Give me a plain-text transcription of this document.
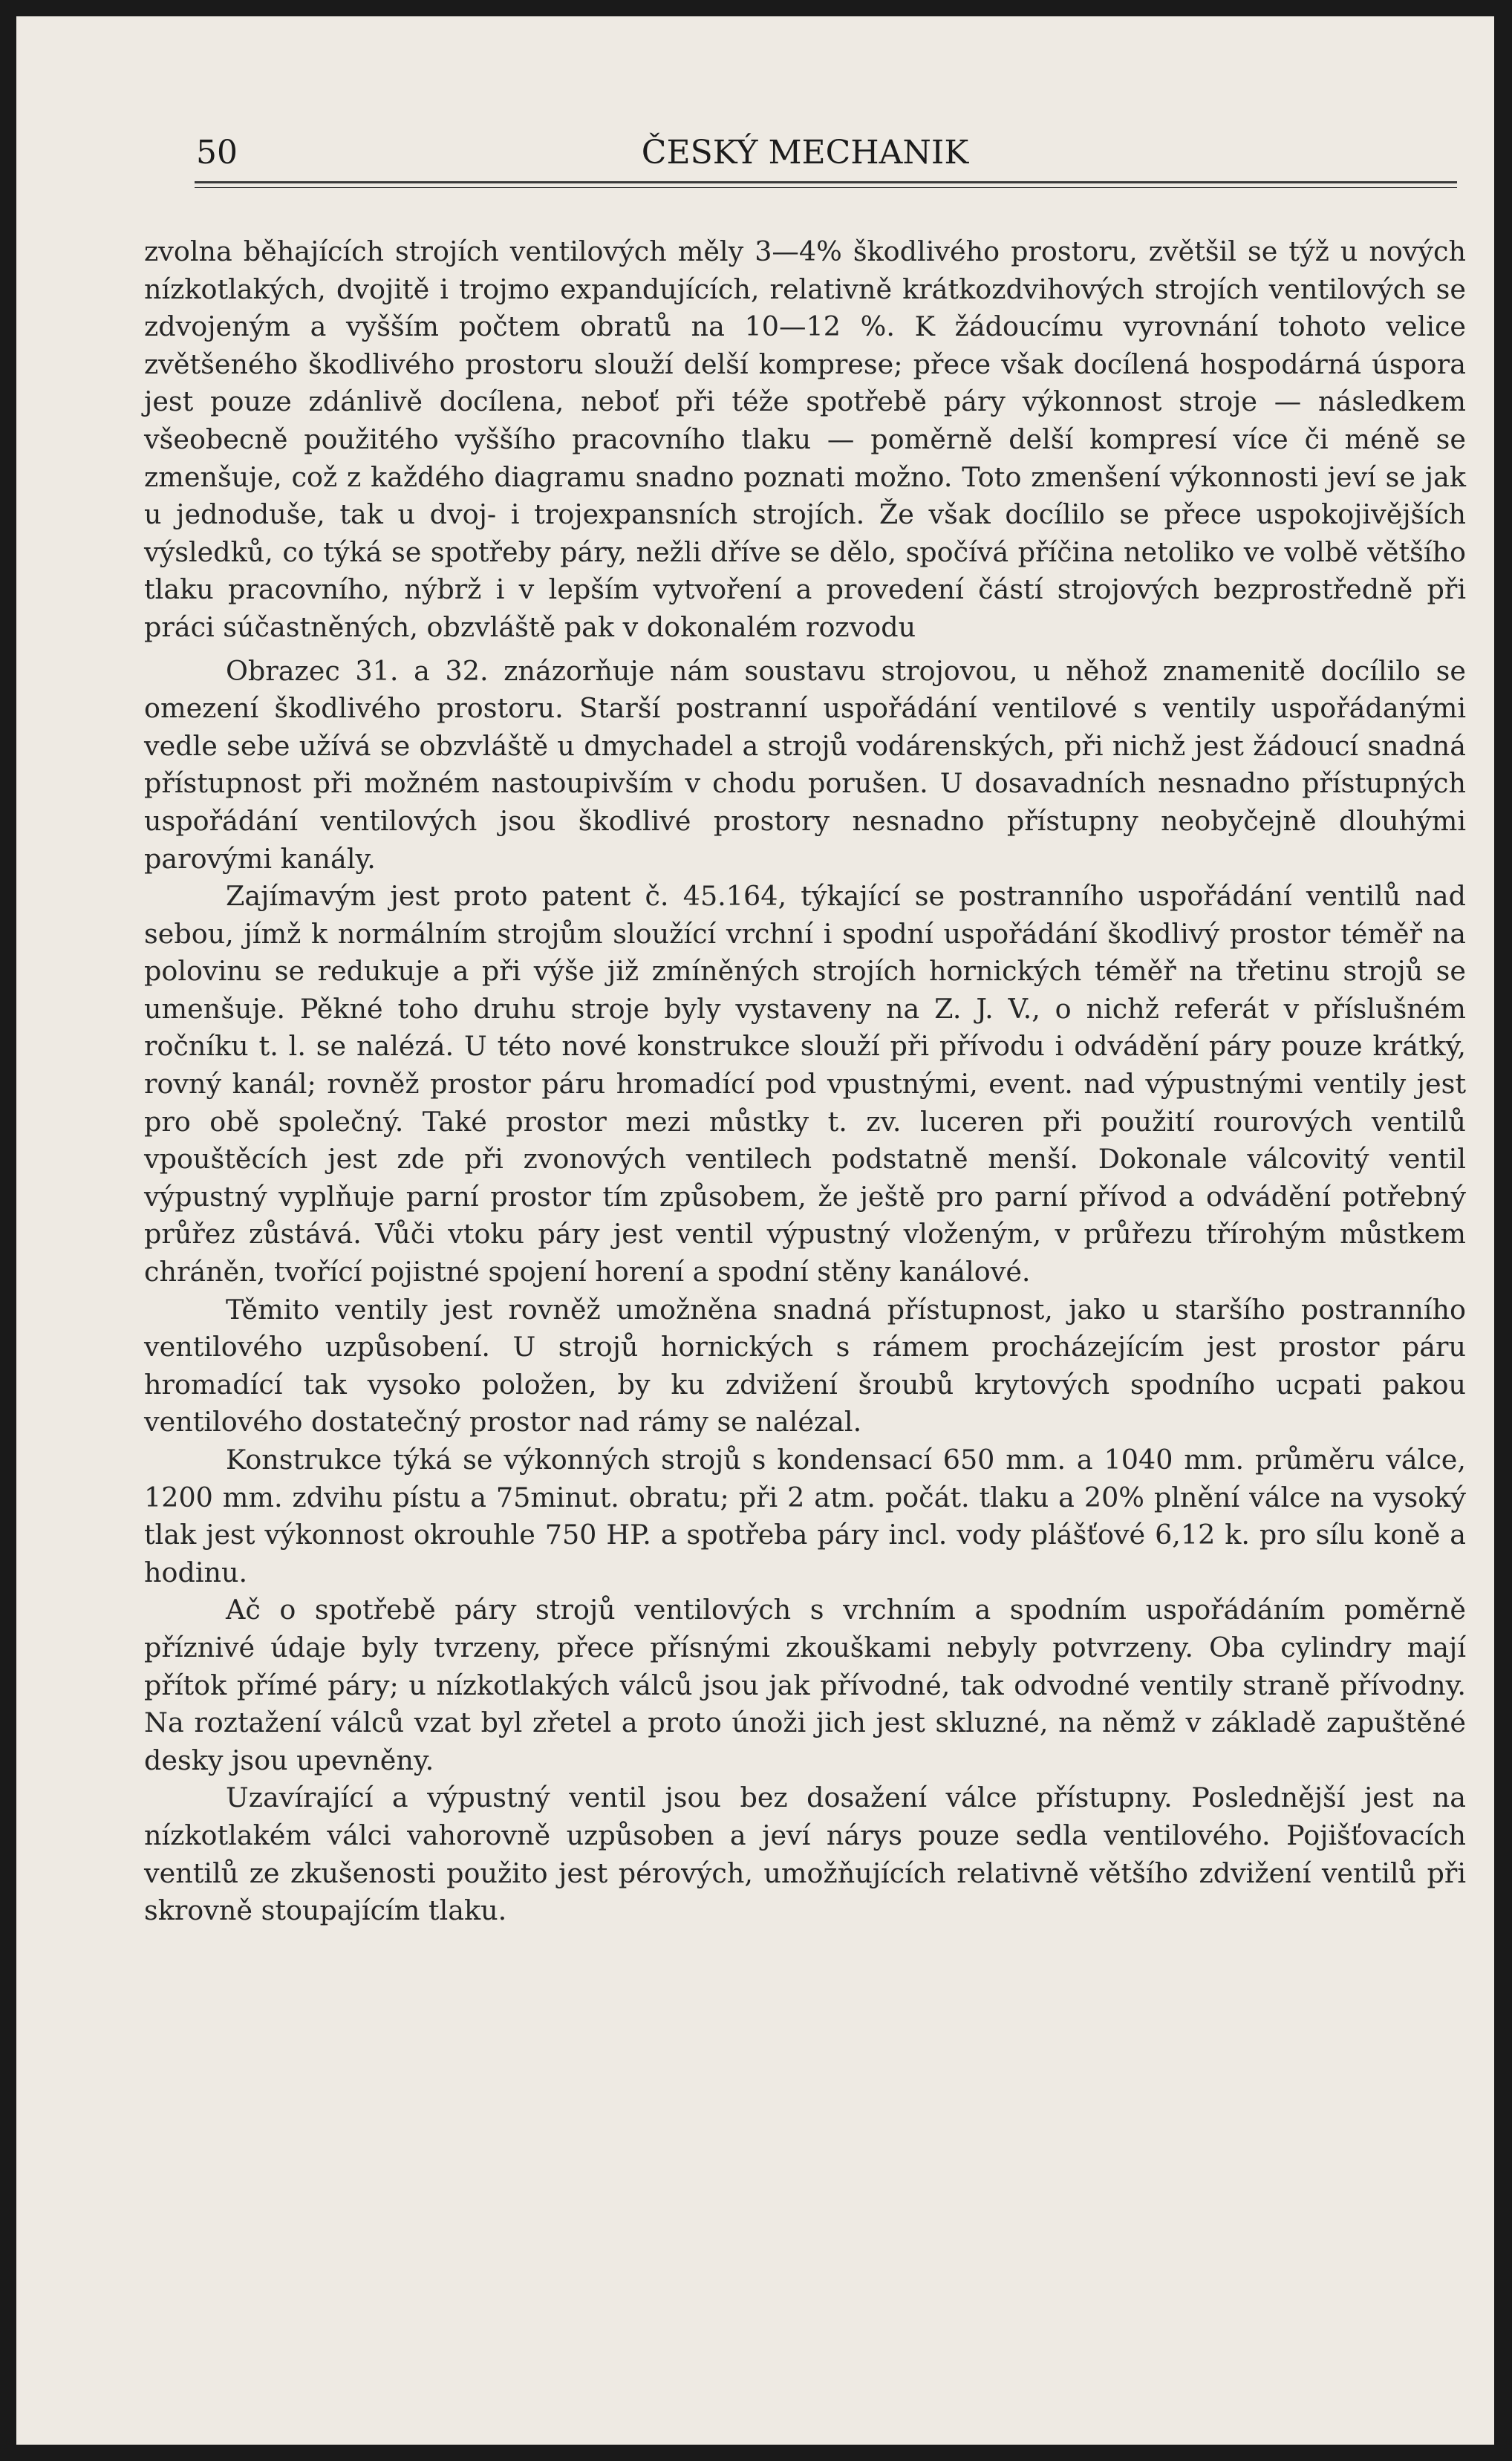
50	ČESKÝ MECHANIK

zvolna běhajících strojích ventilových měly 3—4% škodlivého prostoru, zvětšil se týž u nových nízkotlakých, dvojitě i trojmo expandujících, relativně krátkozdvihových strojích ventilových se zdvojeným a vyšším počtem obratů na 10—12 %. K žádoucímu vyrovnání tohoto velice zvětšeného škodlivého prostoru slouží delší komprese; přece však docílená hospodárná úspora jest pouze zdánlivě docílena, neboť při téže spotřebě páry výkonnost stroje — následkem všeobecně použitého vyššího pracovního tlaku — poměrně delší kompresí více či méně se zmenšuje, což z každého diagramu snadno poznati možno. Toto zmenšení výkonnosti jeví se jak u jednoduše, tak u dvoj- i trojexpansních strojích. Že však docílilo se přece uspokojivějších výsledků, co týká se spotřeby páry, nežli dříve se dělo, spočívá příčina netoliko ve volbě většího tlaku pracovního, nýbrž i v lepším vytvoření a provedení částí strojových bezprostředně při práci súčastněných, obzvláště pak v dokonalém rozvodu

Obrazec 31. a 32. znázorňuje nám soustavu strojovou, u něhož znamenitě docílilo se omezení škodlivého prostoru. Starší postranní uspořádání ventilové s ventily uspořádanými vedle sebe užívá se obzvláště u dmychadel a strojů vodárenských, při nichž jest žádoucí snadná přístupnost při možném nastoupivším v chodu porušen. U dosavadních nesnadno přístupných uspořádání ventilových jsou škodlivé prostory nesnadno přístupny neobyčejně dlouhými parovými kanály.

Zajímavým jest proto patent č. 45.164, týkající se postranního uspořádání ventilů nad sebou, jímž k normálním strojům sloužící vrchní i spodní uspořádání škodlivý prostor téměř na polovinu se redukuje a při výše již zmíněných strojích hornických téměř na třetinu strojů se umenšuje. Pěkné toho druhu stroje byly vystaveny na Z. J. V., o nichž referát v příslušném ročníku t. l. se nalézá. U této nové konstrukce slouží při přívodu i odvádění páry pouze krátký, rovný kanál; rovněž prostor páru hromadící pod vpustnými, event. nad výpustnými ventily jest pro obě společný. Také prostor mezi můstky t. zv. luceren při použití rourových ventilů vpouštěcích jest zde při zvonových ventilech podstatně menší. Dokonale válcovitý ventil výpustný vyplňuje parní prostor tím způsobem, že ještě pro parní přívod a odvádění potřebný průřez zůstává. Vůči vtoku páry jest ventil výpustný vloženým, v průřezu třírohým můstkem chráněn, tvořící pojistné spojení horení a spodní stěny kanálové.

Těmito ventily jest rovněž umožněna snadná přístupnost, jako u staršího postranního ventilového uzpůsobení. U strojů hornických s rámem procházejícím jest prostor páru hromadící tak vysoko položen, by ku zdvižení šroubů krytových spodního ucpati pakou ventilového dostatečný prostor nad rámy se nalézal.

Konstrukce týká se výkonných strojů s kondensací 650 mm. a 1040 mm. průměru válce, 1200 mm. zdvihu pístu a 75minut. obratu; při 2 atm. počát. tlaku a 20% plnění válce na vysoký tlak jest výkonnost okrouhle 750 HP. a spotřeba páry incl. vody plášťové 6,12 k. pro sílu koně a hodinu.

Ač o spotřebě páry strojů ventilových s vrchním a spodním uspořádáním poměrně příznivé údaje byly tvrzeny, přece přísnými zkouškami nebyly potvrzeny. Oba cylindry mají přítok přímé páry; u nízkotlakých válců jsou jak přívodné, tak odvodné ventily straně přívodny. Na roztažení válců vzat byl zřetel a proto únoži jich jest skluzné, na němž v základě zapuštěné desky jsou upevněny.

Uzavírající a výpustný ventil jsou bez dosažení válce přístupny. Poslednější jest na nízkotlakém válci vahorovně uzpůsoben a jeví nárys pouze sedla ventilového. Pojišťovacích ventilů ze zkušenosti použito jest pérových, umožňujících relativně většího zdvižení ventilů při skrovně stoupajícím tlaku.
